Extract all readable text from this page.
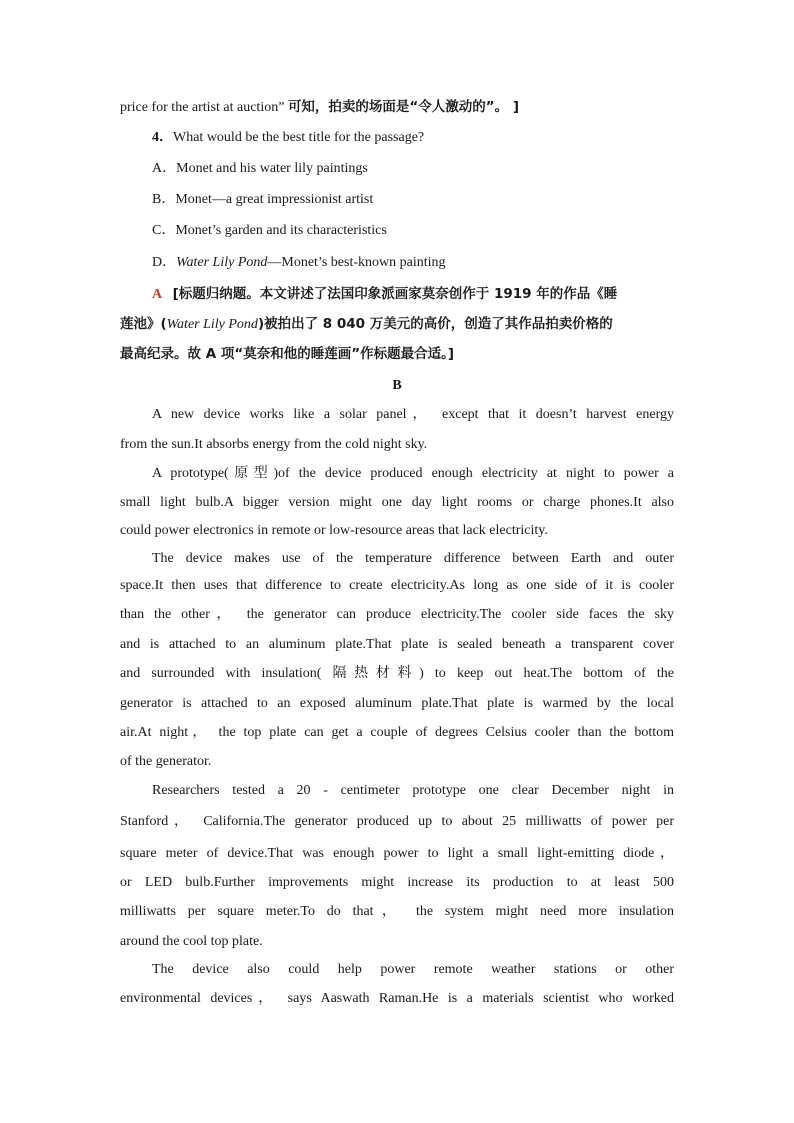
price for the artist at auction” 可知，拍卖的场面是“令人激动的”。 ]
4．What would be the best title for the passage?
A．Monet and his water lily paintings
B．Monet—a great impressionist artist
C．Monet’s garden and its characteristics
D．Water Lily Pond—Monet’s best-known painting
A [标题归纳题。本文讲述了法国印象派画家莫奈创作于 1919 年的作品《睡
莲池》(Water Lily Pond)被拍出了 8 040 万美元的高价，创造了其作品拍卖价格的
最高纪录。故 A 项“莫奈和他的睡莲画”作标题最合适。]
B
A new device works like a solar panel， except that it doesn’t harvest energy
from the sun.It absorbs energy from the cold night sky.
A prototype(原型)of the device produced enough electricity at night to power a
small light bulb.A bigger version might one day light rooms or charge phones.It also
could power electronics in remote or low-resource areas that lack electricity.
The device makes use of the temperature difference between Earth and outer
space.It then uses that difference to create electricity.As long as one side of it is cooler
than the other， the generator can produce electricity.The cooler side faces the sky
and is attached to an aluminum plate.That plate is sealed beneath a transparent cover
and surrounded with insulation( 隔热材料) to keep out heat.The bottom of the
generator is attached to an exposed aluminum plate.That plate is warmed by the local
air.At night， the top plate can get a couple of degrees Celsius cooler than the bottom
of the generator.
Researchers tested a 20 - centimeter prototype one clear December night in
Stanford， California.The generator produced up to about 25 milliwatts of power per
square meter of device.That was enough power to light a small light-emitting diode，
or LED bulb.Further improvements might increase its production to at least 500
milliwatts per square meter.To do that， the system might need more insulation
around the cool top plate.
The device also could help power remote weather stations or other
environmental devices， says Aaswath Raman.He is a materials scientist who worked
